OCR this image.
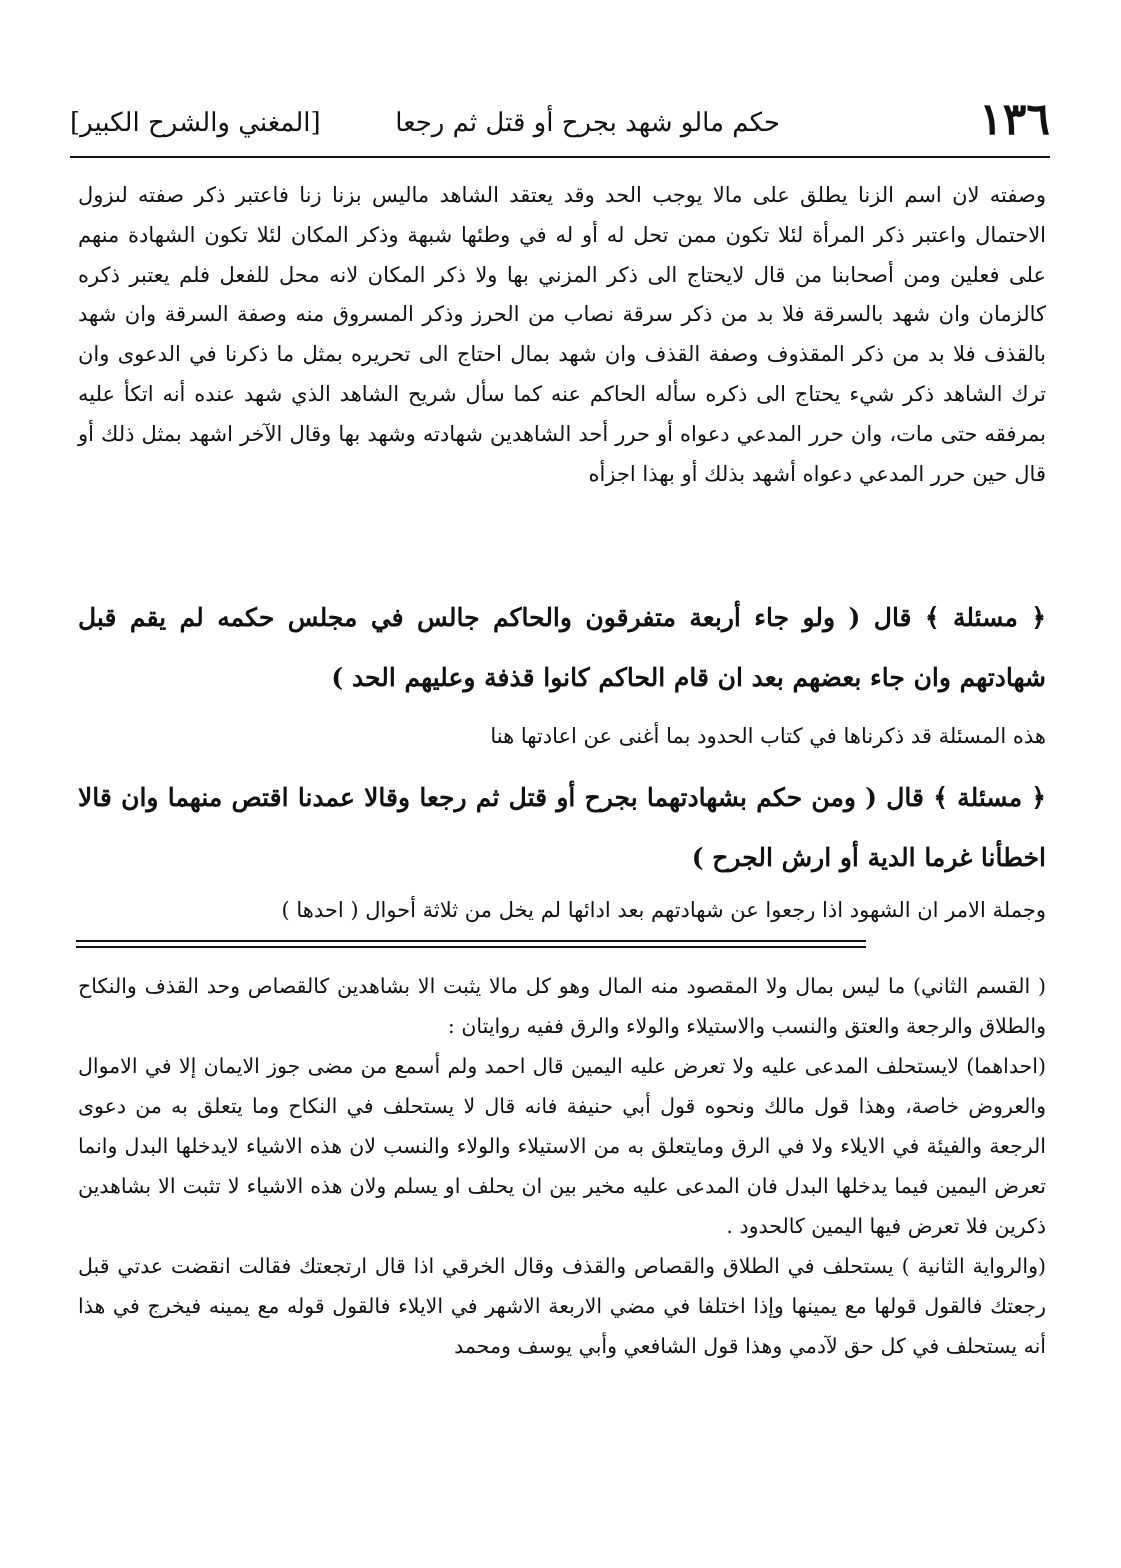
١٣٦
حكم مالو شهد بجرح أو قتل ثم رجعا
[المغني والشرح الكبير]
وصفته لان اسم الزنا يطلق على مالا يوجب الحد وقد يعتقد الشاهد ماليس بزنا زنا فاعتبر ذكر صفته لىزول الاحتمال واعتبر ذكر المرأة لئلا تكون ممن تحل له أو له في وطئها شبهة وذكر المكان لئلا تكون الشهادة منهم على فعلين ومن أصحابنا من قال لايحتاج الى ذكر المزني بها ولا ذكر المكان لانه محل للفعل فلم يعتبر ذكره كالزمان وان شهد بالسرقة فلا بد من ذكر سرقة نصاب من الحرز وذكر المسروق منه وصفة السرقة وان شهد بالقذف فلا بد من ذكر المقذوف وصفة القذف وان شهد بمال احتاج الى تحريره بمثل ما ذكرنا في الدعوى وان ترك الشاهد ذكر شيء يحتاج الى ذكره سأله الحاكم عنه كما سأل شريح الشاهد الذي شهد عنده أنه اتكأ عليه بمرفقه حتى مات، وان حرر المدعي دعواه أو حرر أحد الشاهدين شهادته وشهد بها وقال الآخر اشهد بمثل ذلك أو قال حين حرر المدعي دعواه أشهد بذلك أو بهذا اجزأه
﴿ مسئلة ﴾ قال ( ولو جاء أربعة متفرقون والحاكم جالس في مجلس حكمه لم يقم قبل شهادتهم وان جاء بعضهم بعد ان قام الحاكم كانوا قذفة وعليهم الحد )
هذه المسئلة قد ذكرناها في كتاب الحدود بما أغنى عن اعادتها هنا
﴿ مسئلة ﴾ قال ( ومن حكم بشهادتهما بجرح أو قتل ثم رجعا وقالا عمدنا اقتص منهما وان قالا اخطأنا غرما الدية أو ارش الجرح )
وجملة الامر ان الشهود اذا رجعوا عن شهادتهم بعد ادائها لم يخل من ثلاثة أحوال ( احدها )

( القسم الثاني) ما ليس بمال ولا المقصود منه المال وهو كل مالا يثبت الا بشاهدين كالقصاص وحد القذف والنكاح والطلاق والرجعة والعتق والنسب والاستيلاء والولاء والرق ففيه روايتان :

(احداهما) لايستحلف المدعى عليه ولا تعرض عليه اليمين قال احمد ولم أسمع من مضى جوز الايمان إلا في الاموال والعروض خاصة، وهذا قول مالك ونحوه قول أبي حنيفة فانه قال لا يستحلف في النكاح وما يتعلق به من دعوى الرجعة والفيئة في الايلاء ولا في الرق ومايتعلق به من الاستيلاء والولاء والنسب لان هذه الاشياء لايدخلها البدل وانما تعرض اليمين فيما يدخلها البدل فان المدعى عليه مخير بين ان يحلف او يسلم ولان هذه الاشياء لا تثبت الا بشاهدين ذكرين فلا تعرض فيها اليمين كالحدود .

(والرواية الثانية ) يستحلف في الطلاق والقصاص والقذف وقال الخرقي اذا قال ارتجعتك فقالت انقضت عدتي قبل رجعتك فالقول قولها مع يمينها وإذا اختلفا في مضي الاربعة الاشهر في الايلاء فالقول قوله مع يمينه فيخرج في هذا أنه يستحلف في كل حق لآدمي وهذا قول الشافعي وأبي يوسف ومحمد
